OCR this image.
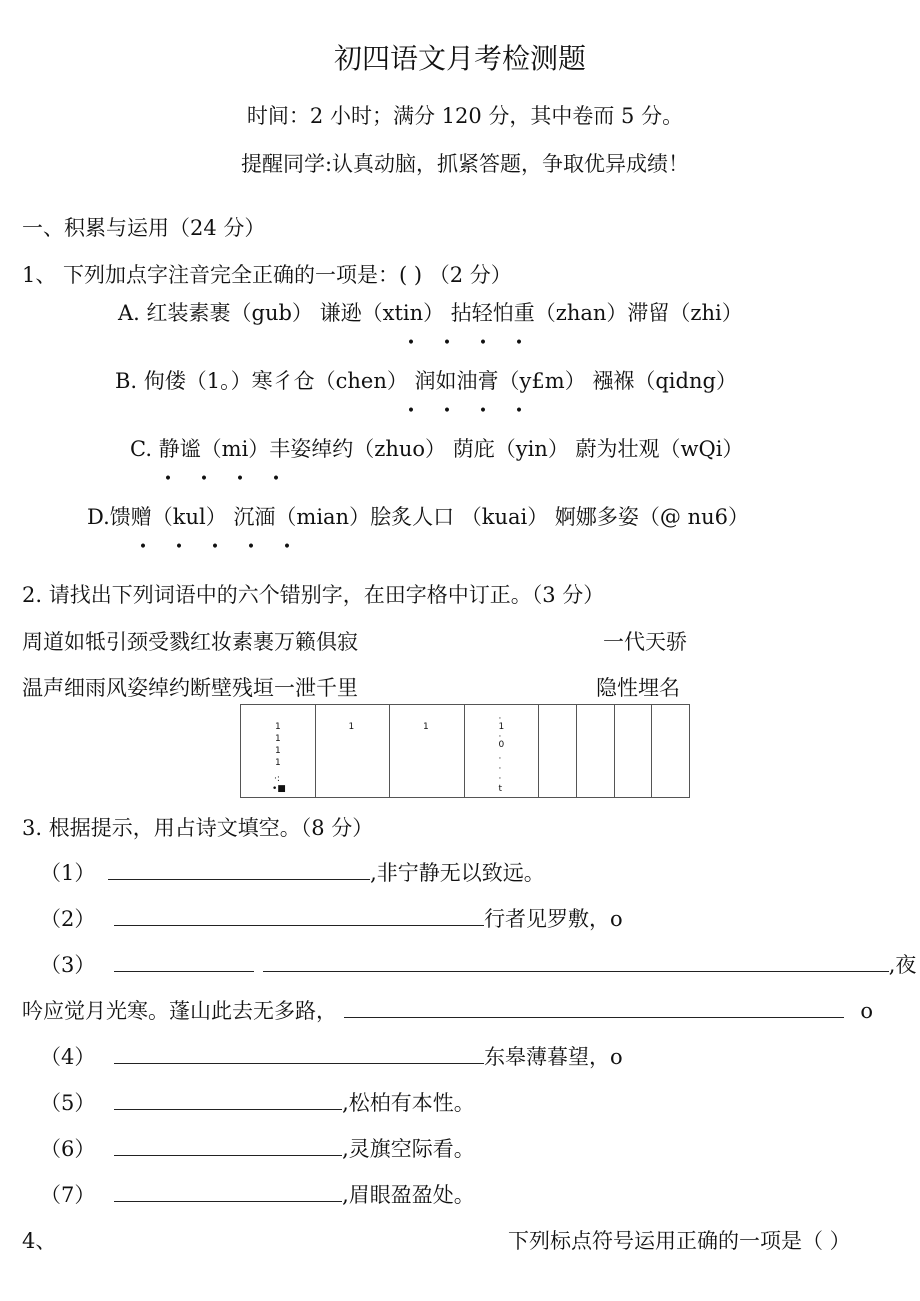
初四语文月考检测题
时间：2 小时；满分 120 分，其中卷而 5 分。
提醒同学:认真动脑，抓紧答题，争取优异成绩！
一、积累与运用（24 分）
1、 下列加点字注音完全正确的一项是：( ) （2 分）
A. 红装素裹（gub） 谦逊（xtin） 拈轻怕重（zhan）滞留（zhi）
• • • •
B. 佝偻（1。）寒彳仓（chen） 润如油膏（y£m） 襁褓（qidng）
• • • •
C. 静谧（mi）丰姿绰约（zhuo） 荫庇（yin） 蔚为壮观（wQi）
• • • •
D.馈赠（kul） 沉湎（mian）脍炙人口 （kuai） 婀娜多姿（@ nu6）
• • • • •
2. 请找出下列词语中的六个错别字，在田字格中订正。（3 分）
周道如牴引颈受戮红妆素裹万籁俱寂	一代天骄
温声细雨风姿绰约断壁残垣一泄千里	隐性埋名
1
1
1
1
·:
•■
1	1
·
1
·
0
·
·
·
t
3. 根据提示，用占诗文填空。（8 分）
（1）	,非宁静无以致远。
（2）	行者见罗敷，o
（3）	,夜
吟应觉月光寒。蓬山此去无多路，	o
（4）	东皋薄暮望，o
（5）	,松柏有本性。
（6）	,灵旗空际看。
（7）	,眉眼盈盈处。
4、	下列标点符号运用正确的一项是（ ）
